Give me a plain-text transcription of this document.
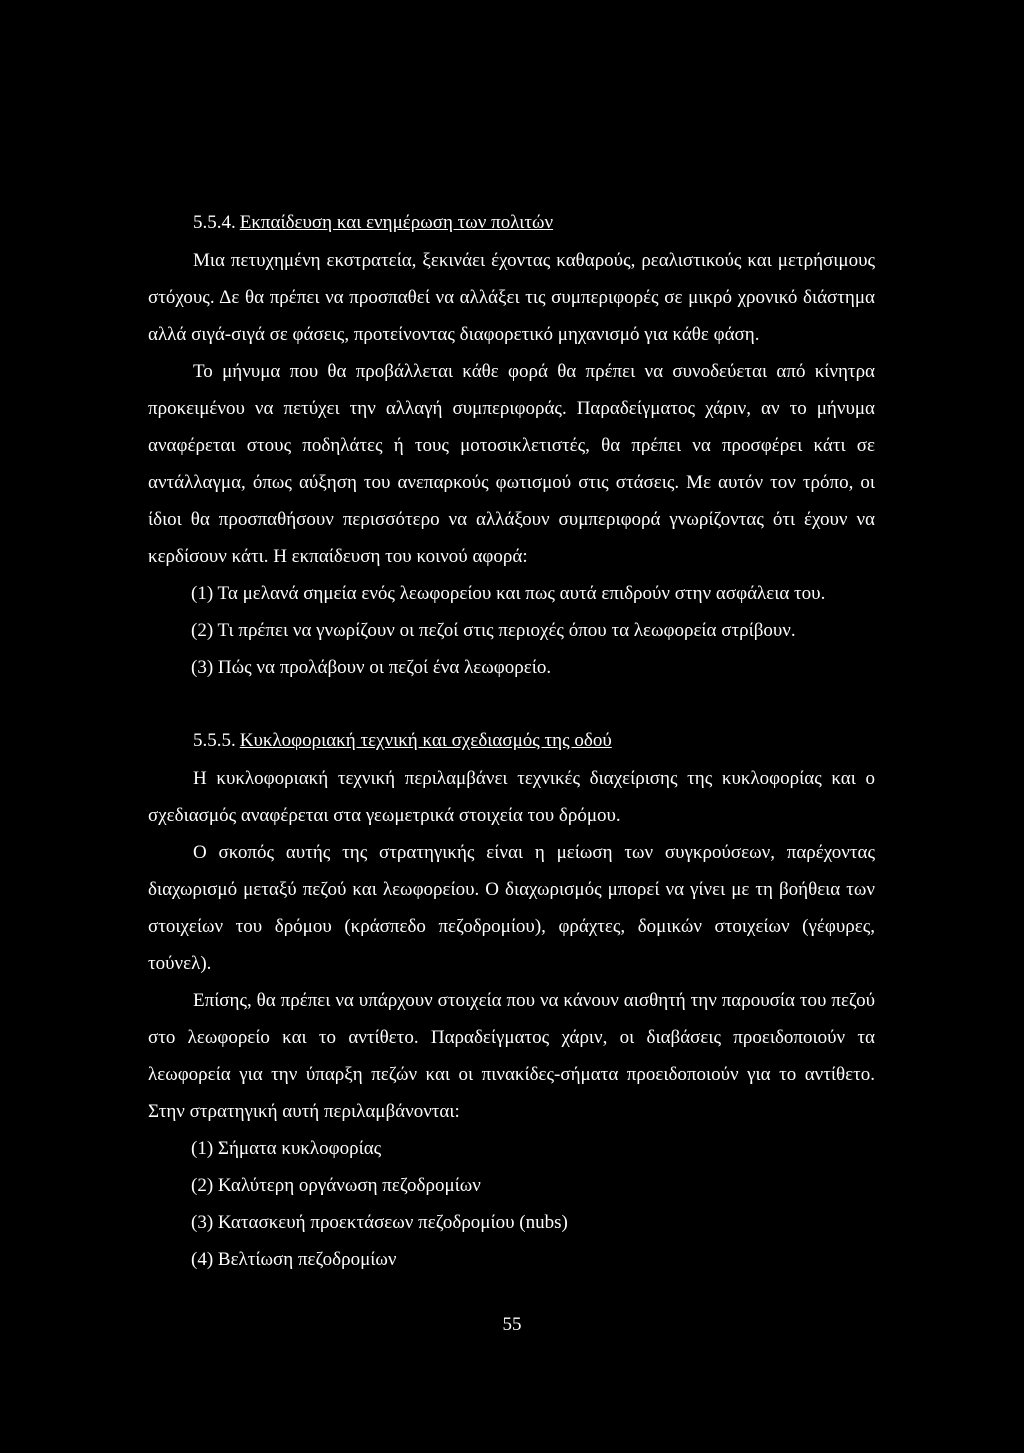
5.5.4. Εκπαίδευση και ενημέρωση των πολιτών

Μια πετυχημένη εκστρατεία, ξεκινάει έχοντας καθαρούς, ρεαλιστικούς και μετρήσιμους στόχους. Δε θα πρέπει να προσπαθεί να αλλάξει τις συμπεριφορές σε μικρό χρονικό διάστημα αλλά σιγά-σιγά σε φάσεις, προτείνοντας διαφορετικό μηχανισμό για κάθε φάση.

Το μήνυμα που θα προβάλλεται κάθε φορά θα πρέπει να συνοδεύεται από κίνητρα προκειμένου να πετύχει την αλλαγή συμπεριφοράς. Παραδείγματος χάριν, αν το μήνυμα αναφέρεται στους ποδηλάτες ή τους μοτοσικλετιστές, θα πρέπει να προσφέρει κάτι σε αντάλλαγμα, όπως αύξηση του ανεπαρκούς φωτισμού στις στάσεις. Με αυτόν τον τρόπο, οι ίδιοι θα προσπαθήσουν περισσότερο να αλλάξουν συμπεριφορά γνωρίζοντας ότι έχουν να κερδίσουν κάτι. Η εκπαίδευση του κοινού αφορά:

(1) Τα μελανά σημεία ενός λεωφορείου και πως αυτά επιδρούν στην ασφάλεια του.
(2) Τι πρέπει να γνωρίζουν οι πεζοί στις περιοχές όπου τα λεωφορεία στρίβουν.
(3) Πώς να προλάβουν οι πεζοί ένα λεωφορείο.
5.5.5. Κυκλοφοριακή τεχνική και σχεδιασμός της οδού

Η κυκλοφοριακή τεχνική περιλαμβάνει τεχνικές διαχείρισης της κυκλοφορίας και ο σχεδιασμός αναφέρεται στα γεωμετρικά στοιχεία του δρόμου.

Ο σκοπός αυτής της στρατηγικής είναι η μείωση των συγκρούσεων, παρέχοντας διαχωρισμό μεταξύ πεζού και λεωφορείου. Ο διαχωρισμός μπορεί να γίνει με τη βοήθεια των στοιχείων του δρόμου (κράσπεδο πεζοδρομίου), φράχτες, δομικών στοιχείων (γέφυρες, τούνελ).

Επίσης, θα πρέπει να υπάρχουν στοιχεία που να κάνουν αισθητή την παρουσία του πεζού στο λεωφορείο και το αντίθετο. Παραδείγματος χάριν, οι διαβάσεις προειδοποιούν τα λεωφορεία για την ύπαρξη πεζών και οι πινακίδες-σήματα προειδοποιούν για το αντίθετο. Στην στρατηγική αυτή περιλαμβάνονται:

(1) Σήματα κυκλοφορίας
(2) Καλύτερη οργάνωση πεζοδρομίων
(3) Κατασκευή προεκτάσεων πεζοδρομίου (nubs)
(4) Βελτίωση πεζοδρομίων
55
